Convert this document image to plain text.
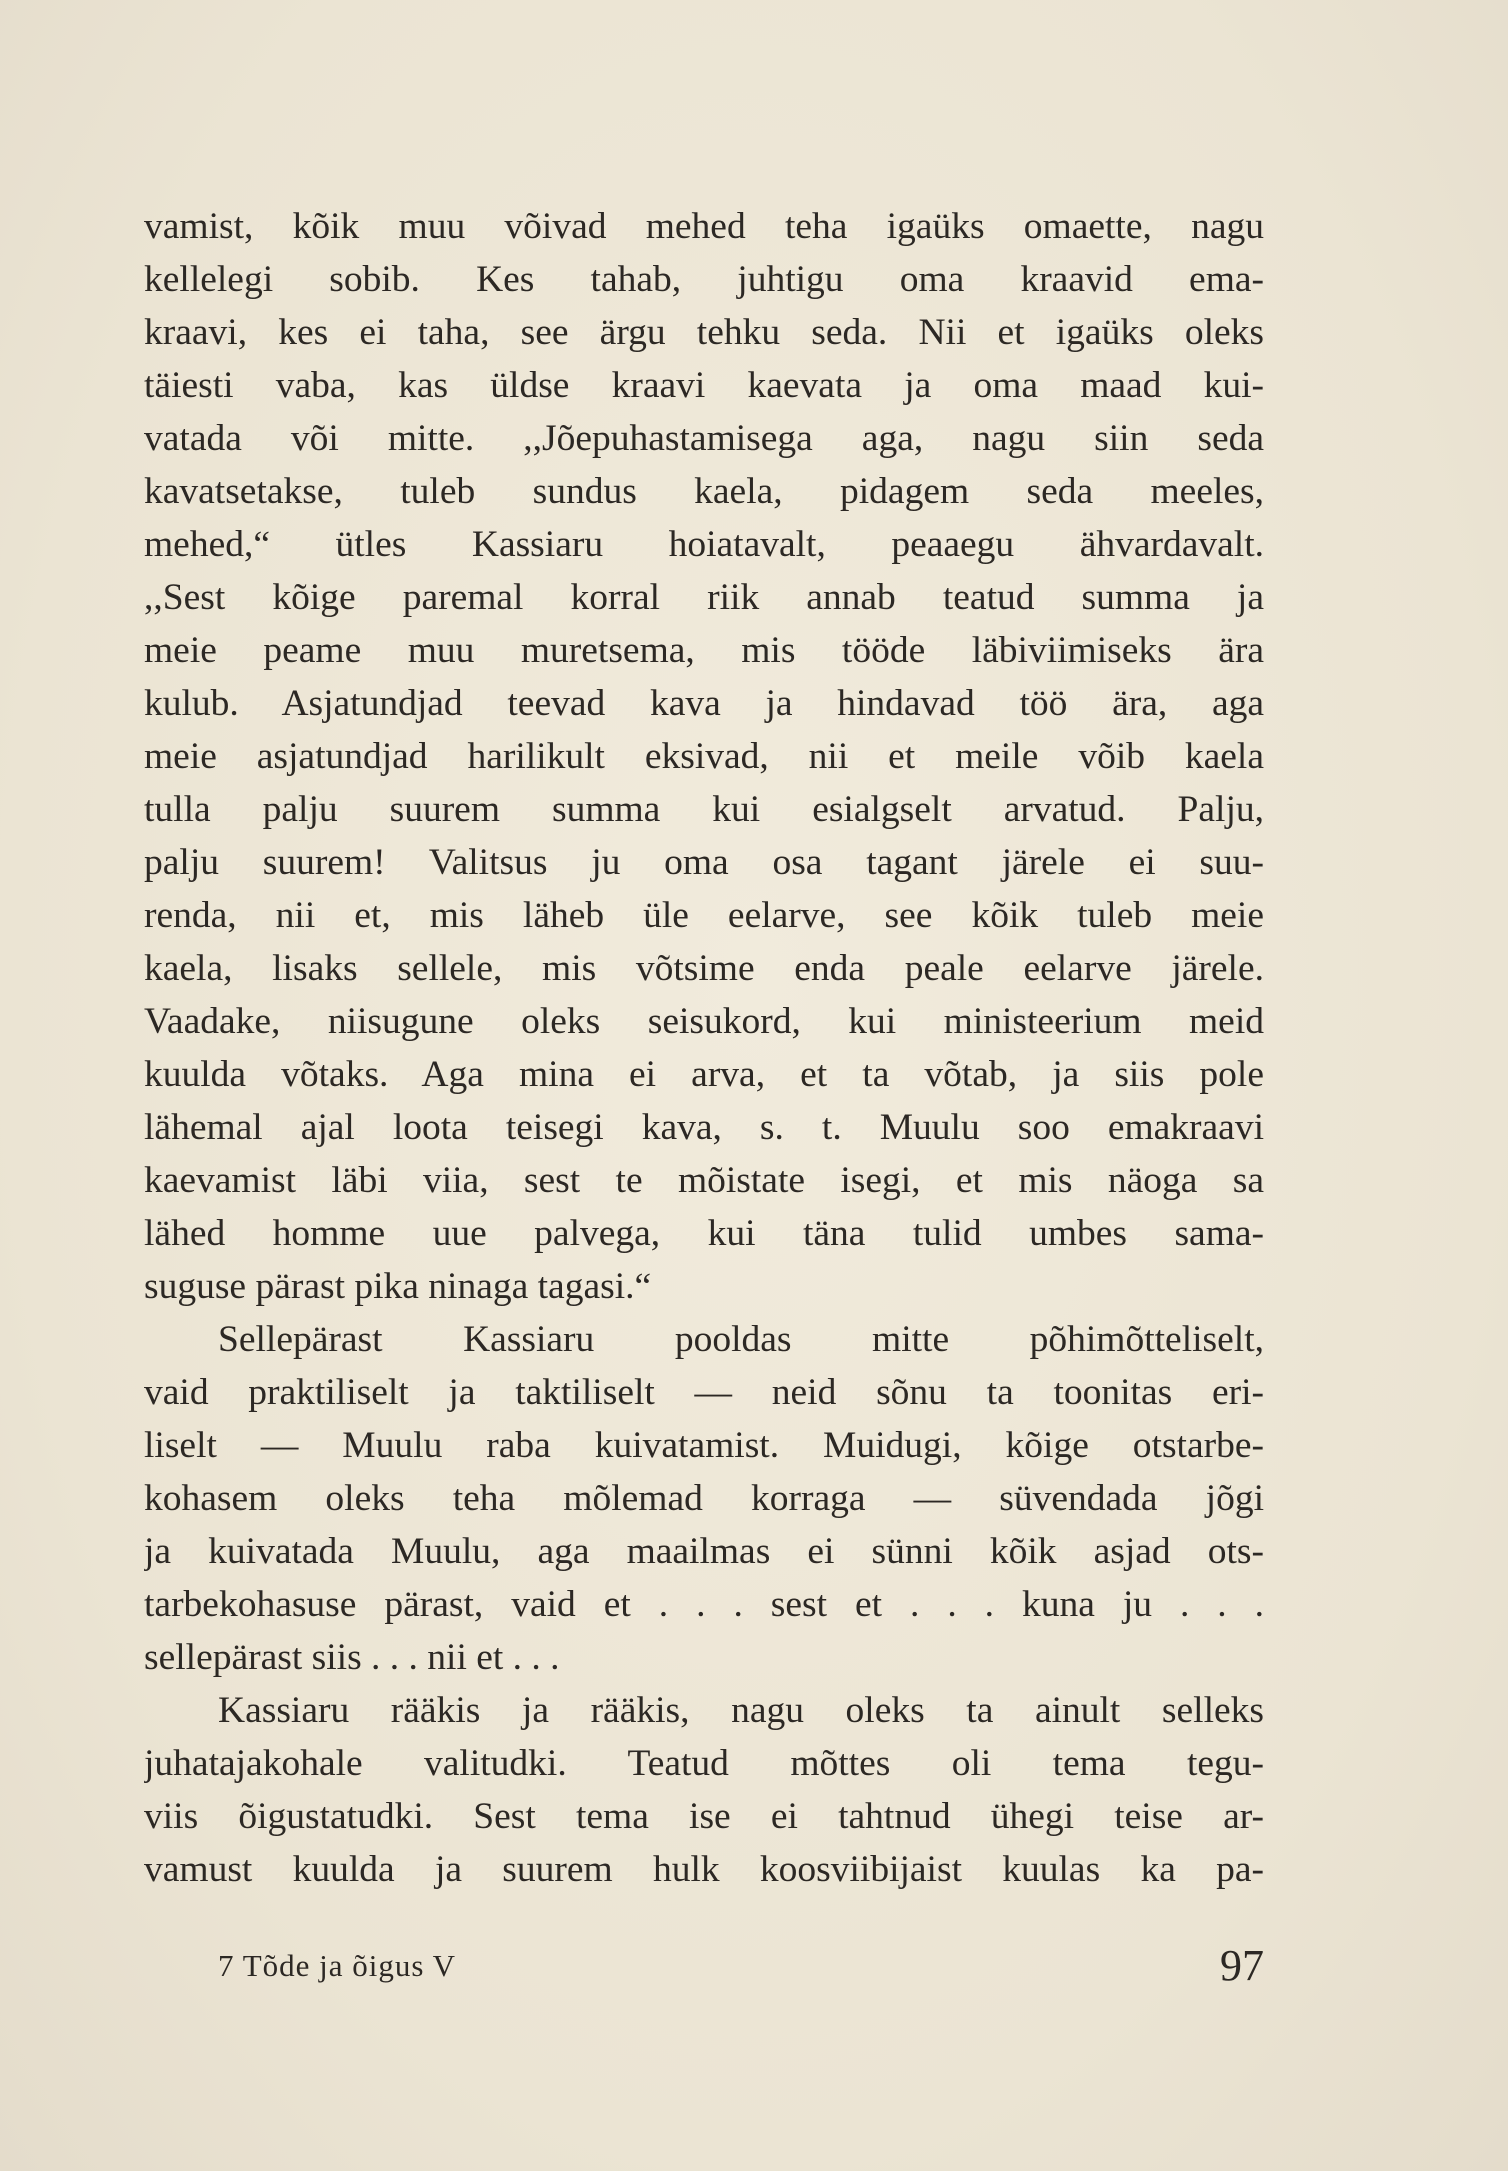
vamist, kõik muu võivad mehed teha igaüks omaette, nagu
kellelegi sobib. Kes tahab, juhtigu oma kraavid ema-
kraavi, kes ei taha, see ärgu tehku seda. Nii et igaüks oleks
täiesti vaba, kas üldse kraavi kaevata ja oma maad kui-
vatada või mitte. ,,Jõepuhastamisega aga, nagu siin seda
kavatsetakse, tuleb sundus kaela, pidagem seda meeles,
mehed,“ ütles Kassiaru hoiatavalt, peaaegu ähvardavalt.
,,Sest kõige paremal korral riik annab teatud summa ja
meie peame muu muretsema, mis tööde läbiviimiseks ära
kulub. Asjatundjad teevad kava ja hindavad töö ära, aga
meie asjatundjad harilikult eksivad, nii et meile võib kaela
tulla palju suurem summa kui esialgselt arvatud. Palju,
palju suurem! Valitsus ju oma osa tagant järele ei suu-
renda, nii et, mis läheb üle eelarve, see kõik tuleb meie
kaela, lisaks sellele, mis võtsime enda peale eelarve järele.
Vaadake, niisugune oleks seisukord, kui ministeerium meid
kuulda võtaks. Aga mina ei arva, et ta võtab, ja siis pole
lähemal ajal loota teisegi kava, s. t. Muulu soo emakraavi
kaevamist läbi viia, sest te mõistate isegi, et mis näoga sa
lähed homme uue palvega, kui täna tulid umbes sama-
suguse pärast pika ninaga tagasi.“
Sellepärast Kassiaru pooldas mitte põhimõtteliselt,
vaid praktiliselt ja taktiliselt — neid sõnu ta toonitas eri-
liselt — Muulu raba kuivatamist. Muidugi, kõige otstarbe-
kohasem oleks teha mõlemad korraga — süvendada jõgi
ja kuivatada Muulu, aga maailmas ei sünni kõik asjad ots-
tarbekohasuse pärast, vaid et . . . sest et . . . kuna ju . . .
sellepärast siis . . . nii et . . .
Kassiaru rääkis ja rääkis, nagu oleks ta ainult selleks
juhatajakohale valitudki. Teatud mõttes oli tema tegu-
viis õigustatudki. Sest tema ise ei tahtnud ühegi teise ar-
vamust kuulda ja suurem hulk koosviibijaist kuulas ka pa-
7 Tõde ja õigus V	97
